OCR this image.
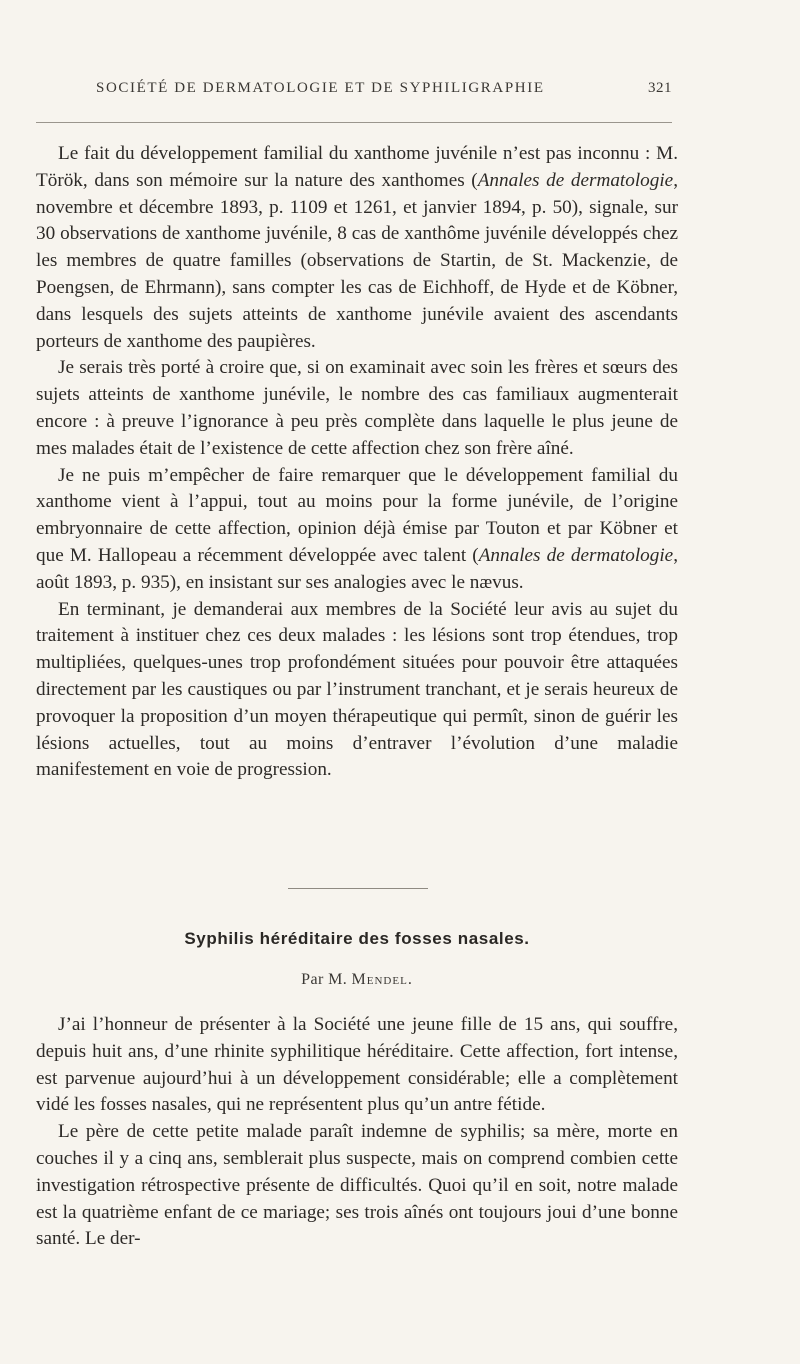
SOCIÉTÉ DE DERMATOLOGIE ET DE SYPHILIGRAPHIE	321

Le fait du développement familial du xanthome juvénile n’est pas inconnu : M. Török, dans son mémoire sur la nature des xanthomes (Annales de dermatologie, novembre et décembre 1893, p. 1109 et 1261, et janvier 1894, p. 50), signale, sur 30 observations de xanthome juvénile, 8 cas de xanthôme juvénile développés chez les membres de quatre familles (observations de Startin, de St. Mackenzie, de Poengsen, de Ehrmann), sans compter les cas de Eichhoff, de Hyde et de Köbner, dans lesquels des sujets atteints de xanthome junévile avaient des ascendants porteurs de xanthome des paupières.

Je serais très porté à croire que, si on examinait avec soin les frères et sœurs des sujets atteints de xanthome junévile, le nombre des cas familiaux augmenterait encore : à preuve l’ignorance à peu près complète dans laquelle le plus jeune de mes malades était de l’existence de cette affection chez son frère aîné.

Je ne puis m’empêcher de faire remarquer que le développement familial du xanthome vient à l’appui, tout au moins pour la forme junévile, de l’origine embryonnaire de cette affection, opinion déjà émise par Touton et par Köbner et que M. Hallopeau a récemment développée avec talent (Annales de dermatologie, août 1893, p. 935), en insistant sur ses analogies avec le nævus.

En terminant, je demanderai aux membres de la Société leur avis au sujet du traitement à instituer chez ces deux malades : les lésions sont trop étendues, trop multipliées, quelques-unes trop profondément situées pour pouvoir être attaquées directement par les caustiques ou par l’instrument tranchant, et je serais heureux de provoquer la proposition d’un moyen thérapeutique qui permît, sinon de guérir les lésions actuelles, tout au moins d’entraver l’évolution d’une maladie manifestement en voie de progression.

Syphilis héréditaire des fosses nasales.
Par M. Mendel.

J’ai l’honneur de présenter à la Société une jeune fille de 15 ans, qui souffre, depuis huit ans, d’une rhinite syphilitique héréditaire. Cette affection, fort intense, est parvenue aujourd’hui à un développement considérable; elle a complètement vidé les fosses nasales, qui ne représentent plus qu’un antre fétide.

Le père de cette petite malade paraît indemne de syphilis; sa mère, morte en couches il y a cinq ans, semblerait plus suspecte, mais on comprend combien cette investigation rétrospective présente de difficultés. Quoi qu’il en soit, notre malade est la quatrième enfant de ce mariage; ses trois aînés ont toujours joui d’une bonne santé. Le der-
